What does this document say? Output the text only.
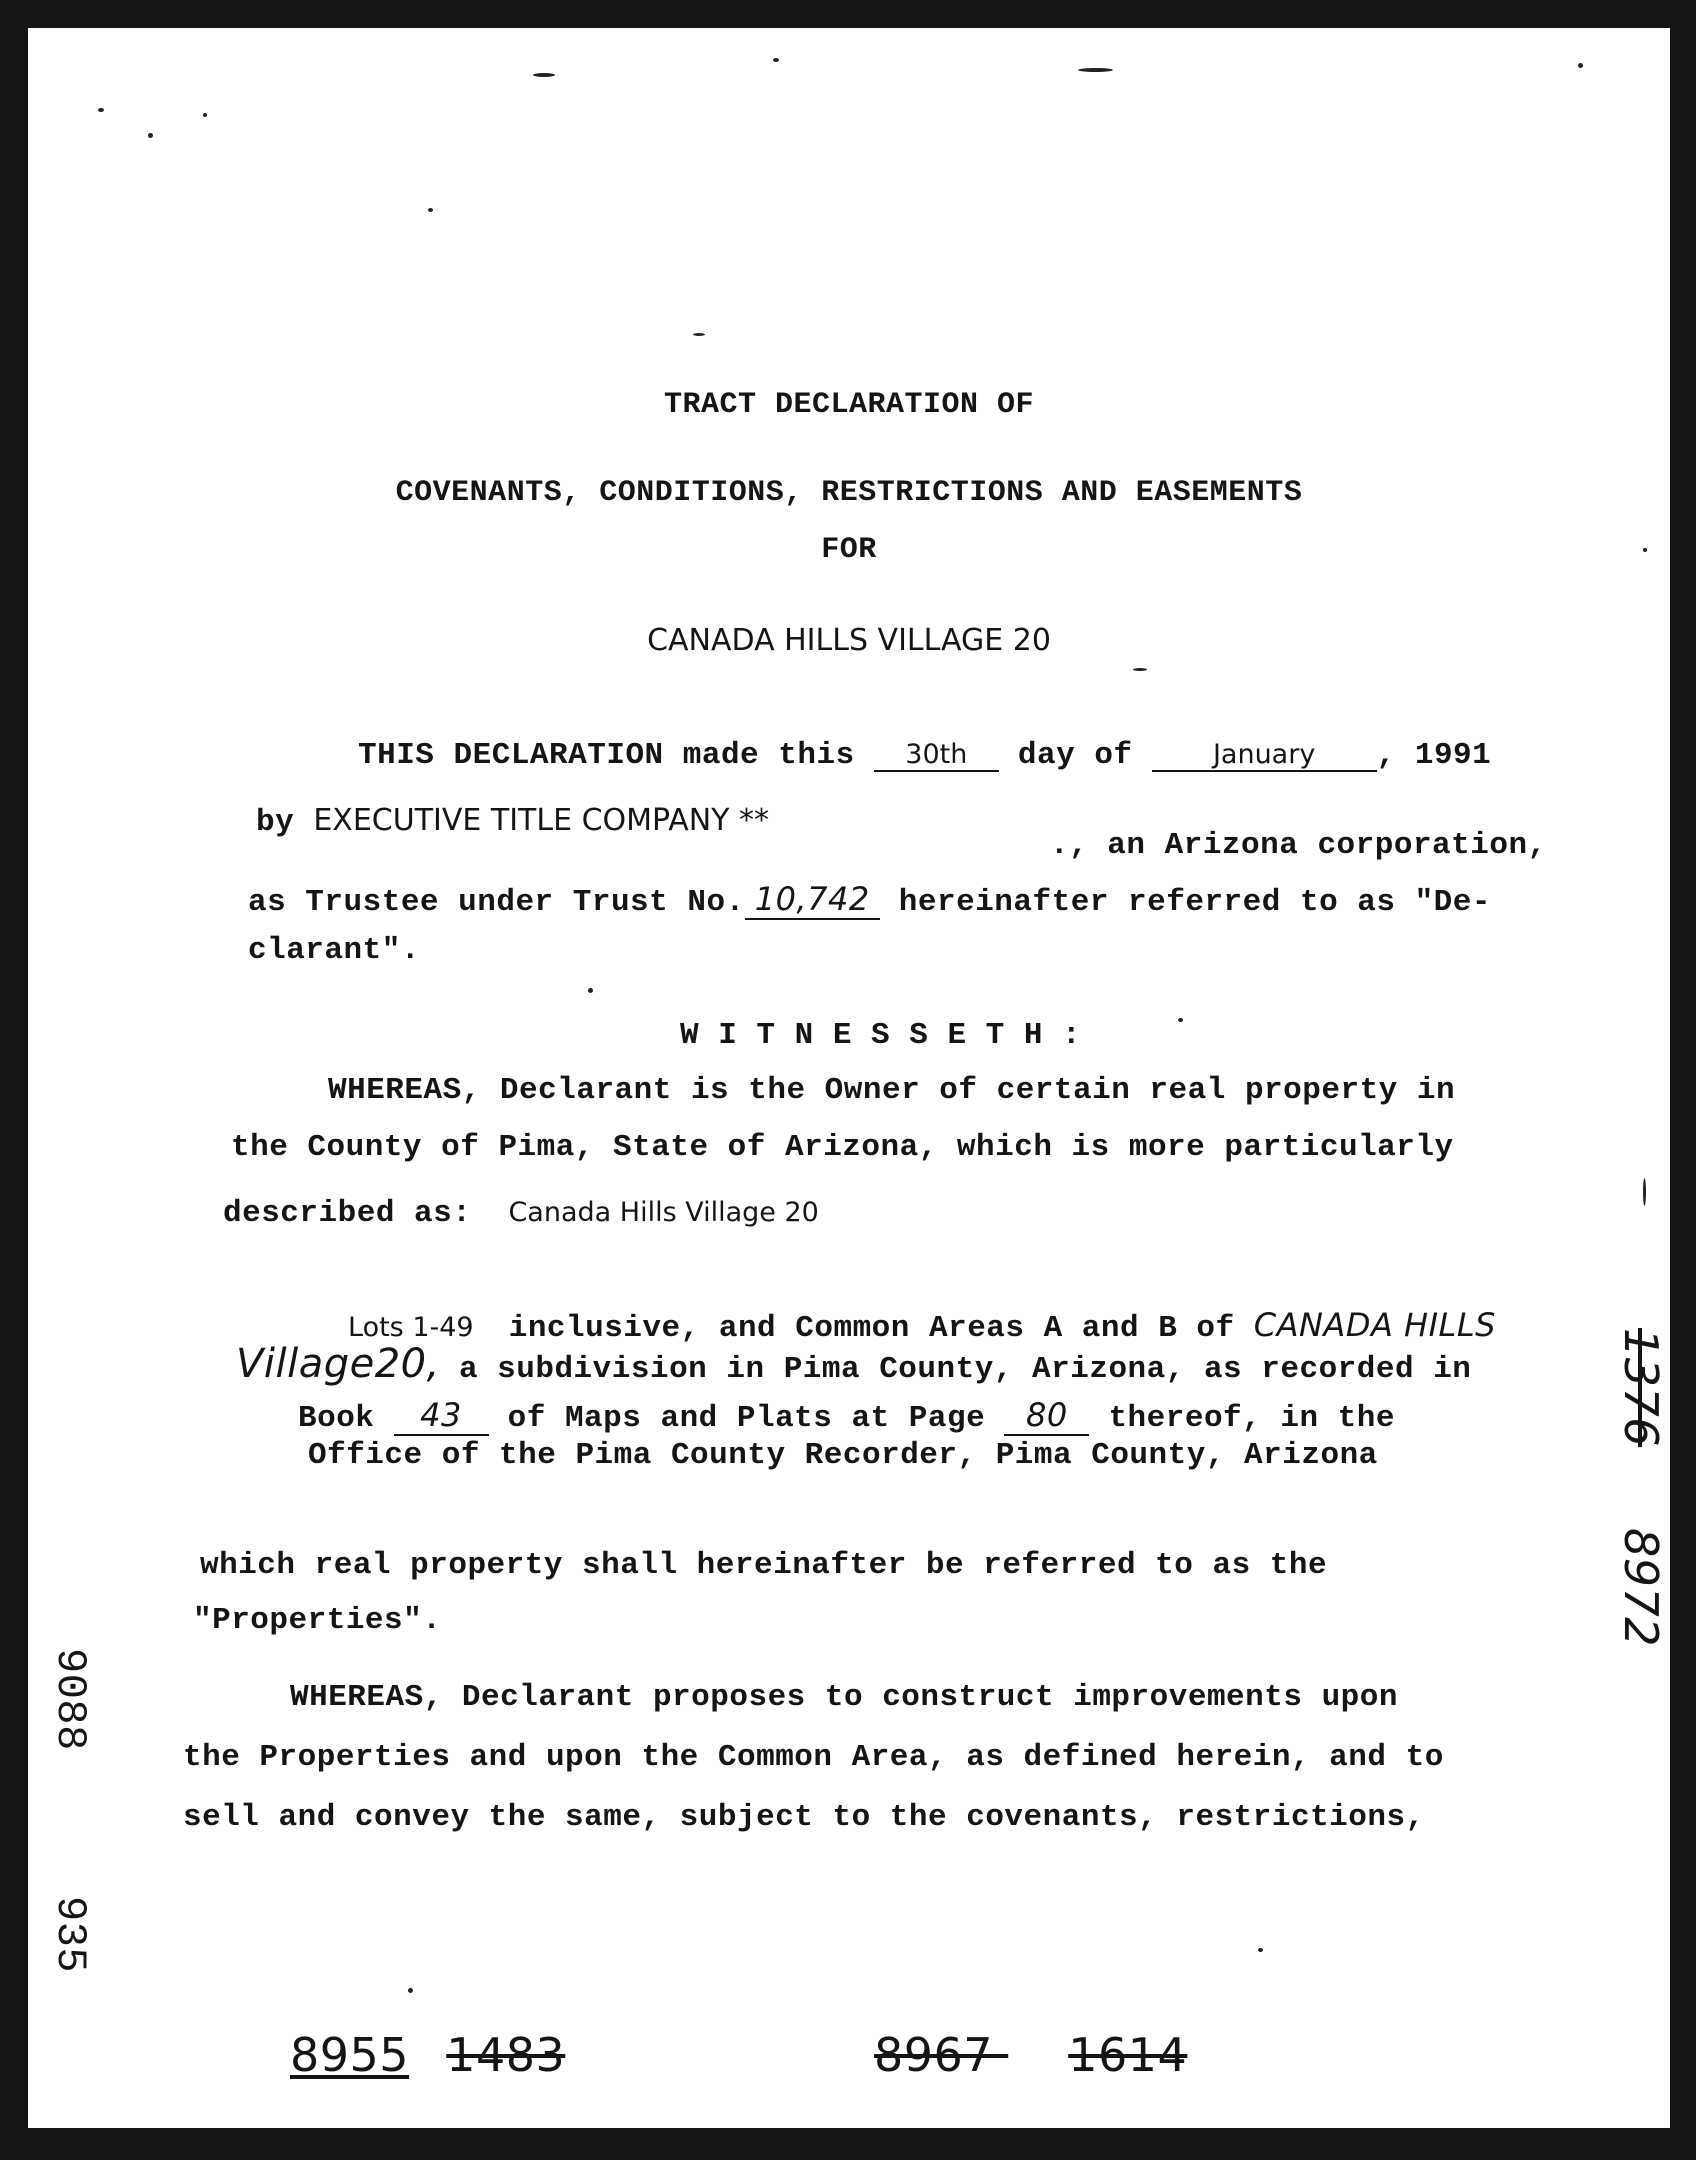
TRACT DECLARATION OF
COVENANTS, CONDITIONS, RESTRICTIONS AND EASEMENTS
FOR
CANADA HILLS VILLAGE 20
THIS DECLARATION made this 30th day of	January , 1991
by EXECUTIVE TITLE COMPANY **
., an Arizona corporation,
as Trustee under Trust No. 10,742 hereinafter referred to as "De-
clarant".
W I T N E S S E T H :
WHEREAS, Declarant is the Owner of certain real property in
the County of Pima, State of Arizona, which is more particularly
described as: Canada Hills Village 20
Lots 1-49 inclusive, and Common Areas A and B of CANADA HILLS
Village20, a subdivision in Pima County, Arizona, as recorded in
Book 43 of Maps and Plats at Page 80 thereof, in the
Office of the Pima County Recorder, Pima County, Arizona
which real property shall hereinafter be referred to as the
"Properties".
WHEREAS, Declarant proposes to construct improvements upon
the Properties and upon the Common Area, as defined herein, and to
sell and convey the same, subject to the covenants, restrictions,
9088
935
8972
1376
8955 1483	8967 1614
